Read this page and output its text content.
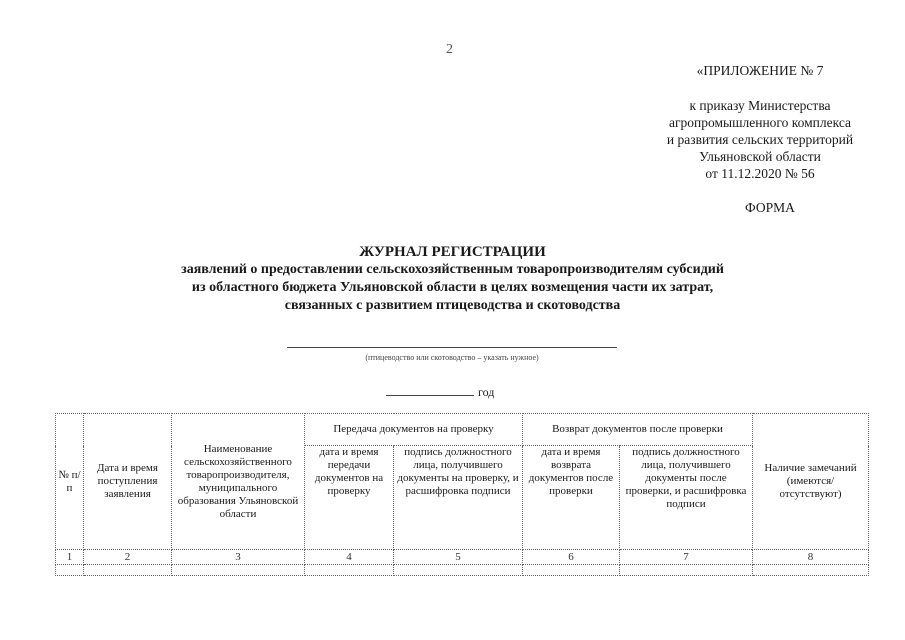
2
«ПРИЛОЖЕНИЕ № 7
к приказу Министерства
агропромышленного комплекса
и развития сельских территорий
Ульяновской области
от 11.12.2020 № 56
ФОРМА
ЖУРНАЛ РЕГИСТРАЦИИ
заявлений о предоставлении сельскохозяйственным товаропроизводителям субсидий
из областного бюджета Ульяновской области в целях возмещения части их затрат,
связанных с развитием птицеводства и скотоводства
(птицеводство или скотоводство – указать нужное)
год
№ п/п	Дата и время поступления заявления	Наименование сельскохозяйственного товаропроизводителя, муниципального образования Ульяновской области	Передача документов на проверку		Возврат документов после проверки		Наличие замечаний (имеются/ отсутствуют)
			дата и время передачи документов на проверку	подпись должностного лица, получившего документы на проверку, и расшифровка подписи	дата и время возврата документов после проверки	подпись должностного лица, получившего документы после проверки, и расшифровка подписи	
1	2	3	4	5	6	7	8
